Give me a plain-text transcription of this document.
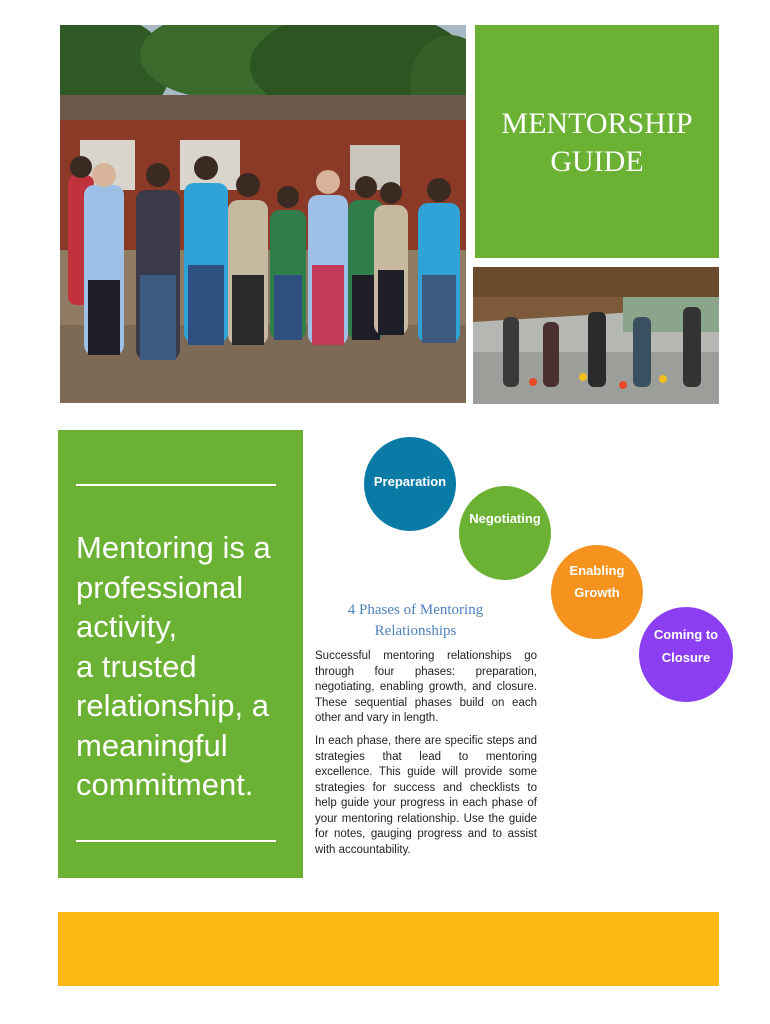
MENTORSHIP
GUIDE
Mentoring is a professional activity,
a trusted relationship, a meaningful commitment.
Preparation
Negotiating
Enabling
Growth
Coming to
Closure
4 Phases of Mentoring
Relationships

Successful mentoring relationships go through four phases: preparation, negotiating, enabling growth, and closure. These sequential phases build on each other and vary in length.

In each phase, there are specific steps and strategies that lead to mentoring excellence. This guide will provide some strategies for success and checklists to help guide your progress in each phase of your mentoring relationship. Use the guide for notes, gauging progress and to assist with accountability.
